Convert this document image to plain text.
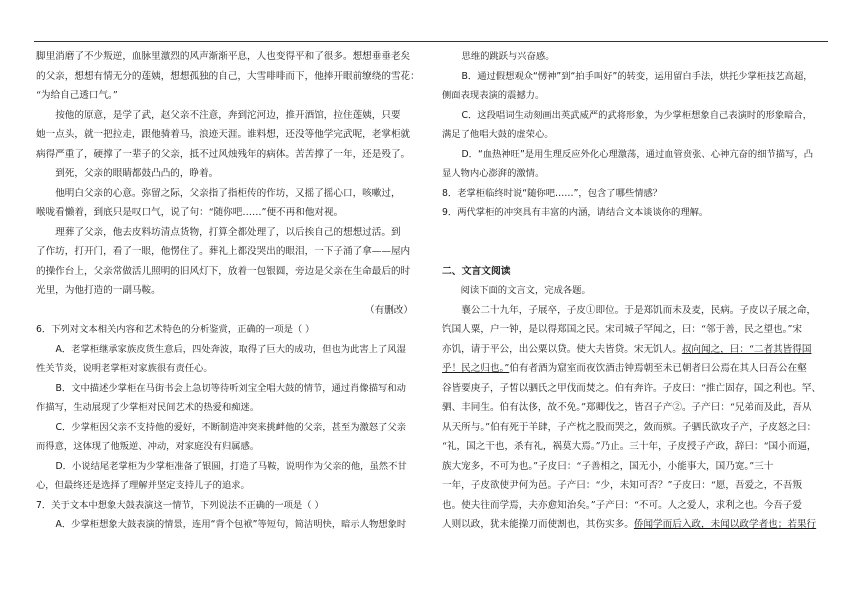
脚里消磨了不少叛逆，血脉里激烈的风声渐渐平息，人也变得平和了很多。想想垂垂老矣

的父亲，想想有情无分的莲姨，想想孤独的自己，大雪啡啡而下，他捧开眼前缭绕的雪花：

“为给自己透口气。”

按他的原意，是学了武，赵父亲不注意，奔到沱河边，推开酒馆，拉住莲姨，只要

她一点头，就一把拉走，跟他骑着马，浪迹天涯。谁料想，还没等他学完武呢，老掌柜就

病得严重了，硬撑了一辈子的父亲，抵不过风烛残年的病体。苦苦撑了一年，还是殁了。

到死，父亲的眼睛都鼓凸凸的，睁着。

他明白父亲的心意。弥留之际，父亲指了指柜传的作坊，又摇了摇心口，咳嗽过，

喉咙看懒着，到底只是叹口气，说了句：“随你吧……”便不再和他对视。

理葬了父亲，他去皮料坊清点货物，打算全都处理了，以后挨自己的想想过活。到

了作坊，打开门，看了一眼，他愣住了。葬礼上都没哭出的眼泪，一下子涌了拿——屋内

的操作台上，父亲常做活儿照明的旧风灯下，放着一包银圆，旁边是父亲在生命最后的时

光里，为他打造的一副马鞍。

（有删改）

6．下列对文本相关内容和艺术特色的分析鉴赏，正确的一项是（ ）

A．老掌柜继承家族皮货生意后，四处奔波，取得了巨大的成功，但也为此害上了风湿

性关节炎，说明老掌柜对家族很有责任心。

B．文中描述少掌柜在马街书会上急切等待听刘宝全唱大鼓的情节，通过肖像描写和动

作描写，生动展现了少掌柜对民间艺术的热爱和痴迷。

C．少掌柜因父亲不支持他的爱好，不断制造冲突来挑衅他的父亲，甚至为激怒了父亲

而得意，这体现了他叛逆、冲动，对家庭没有归属感。

D．小说结尾老掌柜为少掌柜准备了银圆，打造了马鞍，说明作为父亲的他，虽然不甘

心，但最终还是选择了理解并坚定支持儿子的追求。

7．关于文本中想象大鼓表演这一情节，下列说法不正确的一项是（ ）

A．少掌柜想象大鼓表演的情景，连用“背个包袱”等短句，简洁明快，暗示人物想象时

思维的跳跃与兴奋感。

B．通过假想观众“愣神”到“拍手叫好”的转变，运用留白手法，烘托少掌柜技艺高超，

侧面表现表演的震撼力。

C．这段唱词生动刻画出英武威严的武将形象，为少掌柜想象自己表演时的形象暗合，

满足了他唱大鼓的虚荣心。

D．“血热神旺”是用生理反应外化心理激荡，通过血管贲张、心神亢奋的细节描写，凸

显人物内心澎湃的激情。

8．老掌柜临终时说“随你吧……”，包含了哪些情感？

9．两代掌柜的冲突具有丰富的内涵，请结合文本谈谈你的理解。

二、文言文阅读

阅读下面的文言文，完成各题。

襄公二十九年，子展卒，子皮①即位。于是郑饥而未及麦，民病。子皮以子展之命，

饩国人粟，户一钟，是以得郑国之民。宋司城子罕闻之，曰：“邻于善，民之望也。”宋

亦饥，请于平公，出公粟以贷。使大夫皆贷。宋无饥人。叔向闻之，曰：“二者其皆得国

乎！民之归也。”伯有者酒为窟室而夜饮酒击钟焉朝至未已朝者曰公焉在其人曰吾公在壑

谷皆要庚子，子皙以驷氏之甲伐而焚之。伯有奔许。子皮曰：“推亡固存，国之利也。罕、

驷、丰同生。伯有汰侈，故不免。”郑卿伐之，皆召子产②。子产曰：“兄弟而及此，吾从

从天所与。”伯有死于羊肆，子产枕之股而哭之，敛而殡。子驷氏欲攻子产，子皮怒之曰：

“礼，国之干也，杀有礼，祸莫大焉。”乃止。三十年，子皮授子产政，辞曰：“国小而逼，

族大宠多，不可为也。”子皮曰：“子善相之，国无小，小能事大，国乃宽。”三十

一年，子皮欲使尹何为邑。子产曰：“少，未知可否？”子皮曰：“愿，吾爱之，不吾叛

也。使夫往而学焉，夫亦愈知治矣。”子产曰：“不可。人之爱人，求利之也。今吾子爱

人则以政，犹未能操刀而使割也，其伤实多。侨闻学而后入政，未闻以政学者也；若果行
